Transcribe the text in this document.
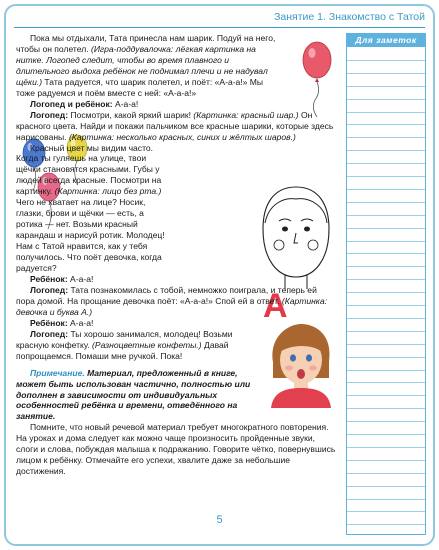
Занятие 1. Знакомство с Татой
А

Пока мы отдыхали, Тата принесла нам шарик. Подуй на него, чтобы он полетел. (Игра-поддувалочка: лёгкая картинка на нитке. Логопед следит, чтобы во время плавного и длительного выдоха ребёнок не поднимал плечи и не надувал щёки.) Тата радуется, что шарик полетел, и поёт: «А-а-а!» Мы тоже радуемся и поём вместе с ней: «А-а-а!»

Логопед и ребёнок: А-а-а!

Логопед: Посмотри, какой яркий шарик! (Картинка: красный шар.) Он красного цвета. Найди и покажи пальчиком все красные шарики, которые здесь нарисованы. (Картинка: несколько красных, синих и жёлтых шаров.)

Красный цвет мы видим часто. Когда ты гуляешь на улице, твои щёчки становятся красными. Губы у людей всегда красные. Посмотри на картинку. (Картинка: лицо без рта.) Чего не хватает на лице? Носик, глазки, брови и щёчки — есть, а ротика — нет. Возьми красный карандаш и нарисуй ротик. Молодец! Нам с Татой нравится, как у тебя получилось. Что поёт девочка, когда радуется?

Ребёнок: А-а-а!

Логопед: Тата познакомилась с тобой, немножко поиграла, и теперь ей пора домой. На прощание девочка поёт: «А-а-а!» Спой ей в ответ. (Картинка: девочка и буква А.)

Ребёнок: А-а-а!

Логопед: Ты хорошо занимался, молодец! Возьми красную конфетку. (Разноцветные конфеты.) Давай попрощаемся. Помаши мне ручкой. Пока!

Примечание. Материал, предложенный в книге, может быть использован частично, полностью или дополнен в зависимости от индивидуальных особенностей ребёнка и времени, отведённого на занятие.

Помните, что новый речевой материал требует многократного повторения. На уроках и дома следует как можно чаще произносить пройденные звуки, слоги и слова, побуждая малыша к подражанию. Говорите чётко, повернувшись лицом к ребёнку. Отмечайте его успехи, хвалите даже за небольшие достижения.

Для заметок
5
